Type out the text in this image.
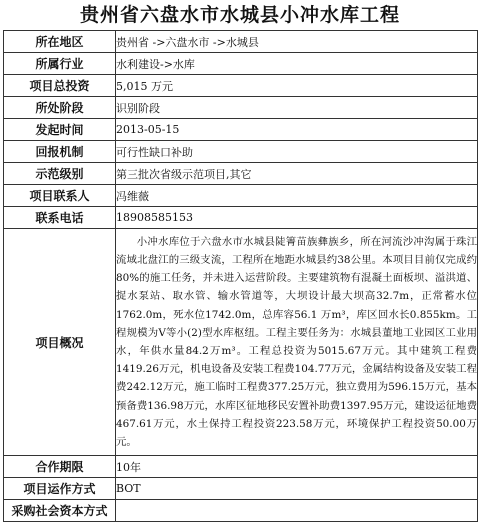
贵州省六盘水市水城县小冲水库工程
所在地区	贵州省 ->六盘水市 ->水城县
所属行业	水利建设->水库
项目总投资	5,015 万元
所处阶段	识别阶段
发起时间	2013-05-15
回报机制	可行性缺口补助
示范级别	第三批次省级示范项目,其它
项目联系人	冯维薇
联系电话	18908585153
项目概况	小冲水库位于六盘水市水城县陡箐苗族彝族乡，所在河流沙冲沟属于珠江流域北盘江的三级支流，工程所在地距水城县约38公里。本项目目前仅完成约80%的施工任务，并未进入运营阶段。主要建筑物有混凝土面板坝、溢洪道、捉水泵站、取水管、输水管道等，大坝设计最大坝高32.7m，正常蓄水位1762.0m，死水位1742.0m，总库容56.1 万m³，库区回水长0.855km。工程规模为Ⅴ等小(2)型水库枢纽。工程主要任务为：水城县董地工业园区工业用水，年供水量84.2万m³。工程总投资为5015.67万元。其中建筑工程费1419.26万元，机电设备及安装工程费104.77万元，金属结构设备及安装工程费242.12万元，施工临时工程费377.25万元，独立费用为596.15万元，基本预备费136.98万元，水库区征地移民安置补助费1397.95万元，建设运征地费467.61万元，水土保持工程投资223.58万元，环境保护工程投资50.00万元。
合作期限	10年
项目运作方式	BOT
采购社会资本方式	
